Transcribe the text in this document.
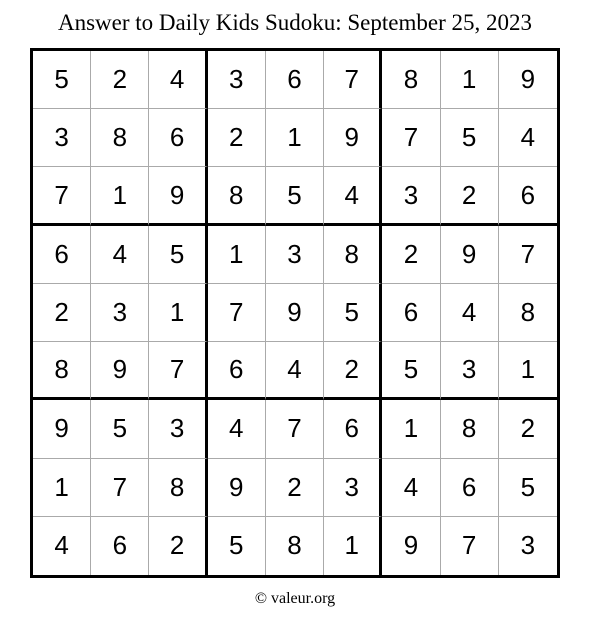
Answer to Daily Kids Sudoku: September 25, 2023
5	2	4	3	6	7	8	1	9
3	8	6	2	1	9	7	5	4
7	1	9	8	5	4	3	2	6
6	4	5	1	3	8	2	9	7
2	3	1	7	9	5	6	4	8
8	9	7	6	4	2	5	3	1
9	5	3	4	7	6	1	8	2
1	7	8	9	2	3	4	6	5
4	6	2	5	8	1	9	7	3
© valeur.org
